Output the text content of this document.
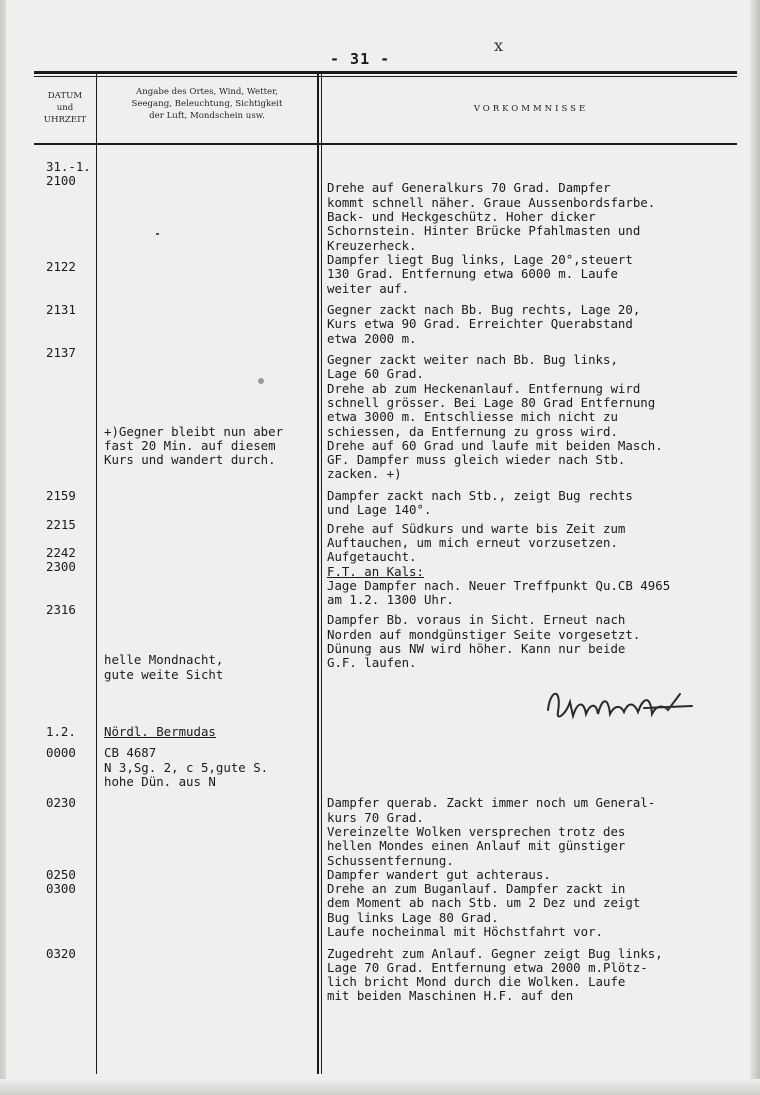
- 31 -
x
DATUM
und
UHRZEIT
Angabe des Ortes, Wind, Wetter,
Seegang, Beleuchtung, Sichtigkeit
der Luft, Mondschein usw.
VORKOMMNISSE
31.-1.
2100
2122
2131
2137
2159
2215
2242
2300
2316
1.2.
0000
0230
0250
0300
0320
+)Gegner bleibt nun aber
fast 20 Min. auf diesem
Kurs und wandert durch.
helle Mondnacht,
gute weite Sicht
Nördl. Bermudas
CB 4687
N 3,Sg. 2, c 5,gute S.
hohe Dün. aus N
Drehe auf Generalkurs 70 Grad. Dampfer
kommt schnell näher. Graue Aussenbordsfarbe.
Back- und Heckgeschütz. Hoher dicker
Schornstein. Hinter Brücke Pfahlmasten und
Kreuzerheck.
Dampfer liegt Bug links, Lage 20°,steuert
130 Grad. Entfernung etwa 6000 m. Laufe
weiter auf.
Gegner zackt nach Bb. Bug rechts, Lage 20,
Kurs etwa 90 Grad. Erreichter Querabstand
etwa 2000 m.
Gegner zackt weiter nach Bb. Bug links,
Lage 60 Grad.
Drehe ab zum Heckenanlauf. Entfernung wird
schnell grösser. Bei Lage 80 Grad Entfernung
etwa 3000 m. Entschliesse mich nicht zu
schiessen, da Entfernung zu gross wird.
Drehe auf 60 Grad und laufe mit beiden Masch.
GF. Dampfer muss gleich wieder nach Stb.
zacken. +)
Dampfer zackt nach Stb., zeigt Bug rechts
und Lage 140°.
Drehe auf Südkurs und warte bis Zeit zum
Auftauchen, um mich erneut vorzusetzen.
Aufgetaucht.
F.T. an Kals:
Jage Dampfer nach. Neuer Treffpunkt Qu.CB 4965
am 1.2. 1300 Uhr.
Dampfer Bb. voraus in Sicht. Erneut nach
Norden auf mondgünstiger Seite vorgesetzt.
Dünung aus NW wird höher. Kann nur beide
G.F. laufen.
Dampfer querab. Zackt immer noch um General-
kurs 70 Grad.
Vereinzelte Wolken versprechen trotz des
hellen Mondes einen Anlauf mit günstiger
Schussentfernung.
Dampfer wandert gut achteraus.
Drehe an zum Buganlauf. Dampfer zackt in
dem Moment ab nach Stb. um 2 Dez und zeigt
Bug links Lage 80 Grad.
Laufe nocheinmal mit Höchstfahrt vor.
Zugedreht zum Anlauf. Gegner zeigt Bug links,
Lage 70 Grad. Entfernung etwa 2000 m.Plötz-
lich bricht Mond durch die Wolken. Laufe
mit beiden Maschinen H.F. auf den
